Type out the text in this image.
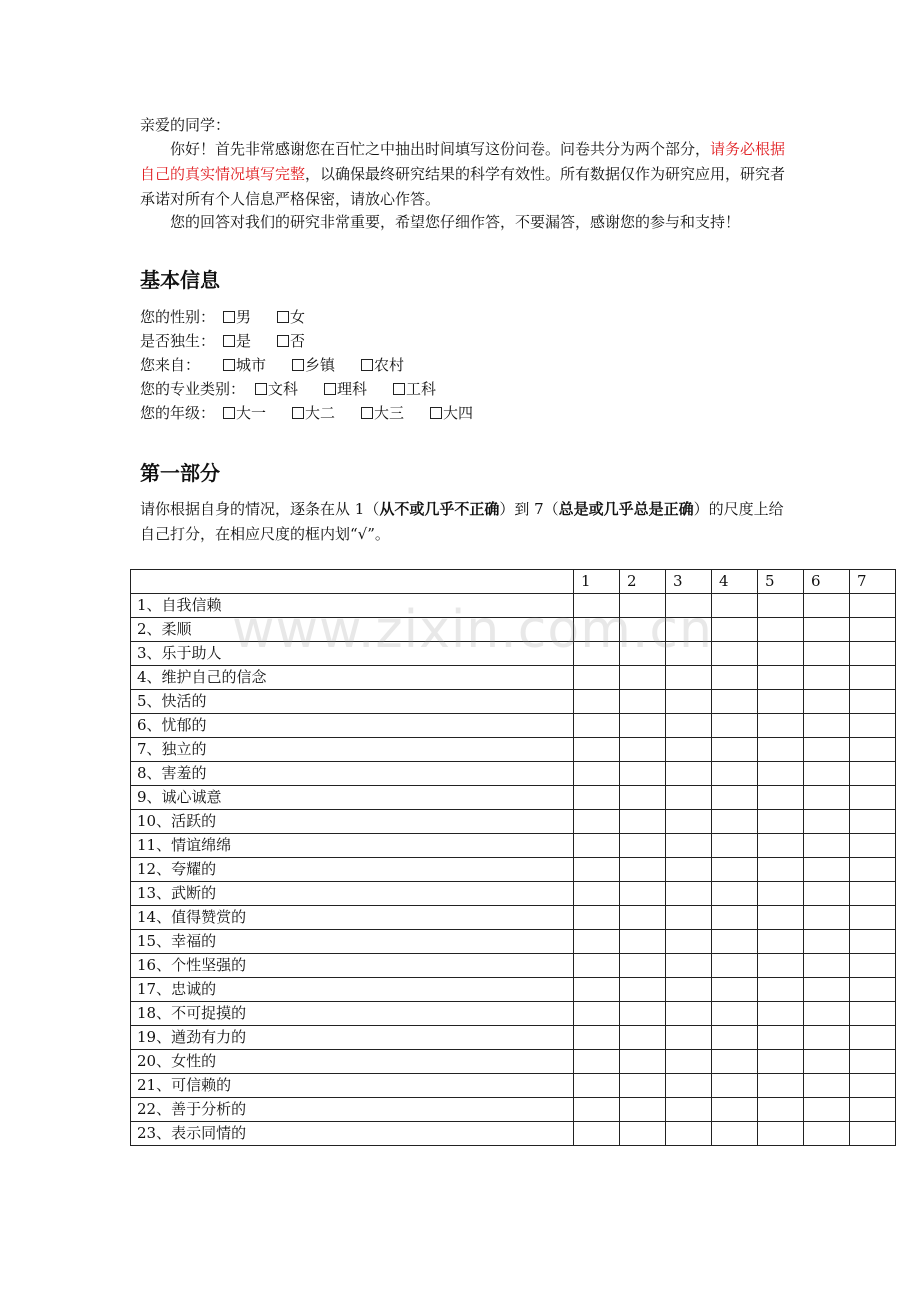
亲爱的同学：

你好！首先非常感谢您在百忙之中抽出时间填写这份问卷。问卷共分为两个部分，请务必根据自己的真实情况填写完整，以确保最终研究结果的科学有效性。所有数据仅作为研究应用，研究者承诺对所有个人信息严格保密，请放心作答。

您的回答对我们的研究非常重要，希望您仔细作答，不要漏答，感谢您的参与和支持！

基本信息
您的性别： 男	女
是否独生： 是	否
您来自： 城市	乡镇	农村
您的专业类别： 文科	理科	工科
您的年级： 大一	大二	大三	大四
第一部分

请你根据自身的情况，逐条在从 1（从不或几乎不正确）到 7（总是或几乎总是正确）的尺度上给自己打分，在相应尺度的框内划“√”。

	1	2	3	4	5	6	7
1、自我信赖							
2、柔顺							
3、乐于助人							
4、维护自己的信念							
5、快活的							
6、忧郁的							
7、独立的							
8、害羞的							
9、诚心诚意							
10、活跃的							
11、情谊绵绵							
12、夸耀的							
13、武断的							
14、值得赞赏的							
15、幸福的							
16、个性坚强的							
17、忠诚的							
18、不可捉摸的							
19、遒劲有力的							
20、女性的							
21、可信赖的							
22、善于分析的							
23、表示同情的							
www.zixin.com.cn
